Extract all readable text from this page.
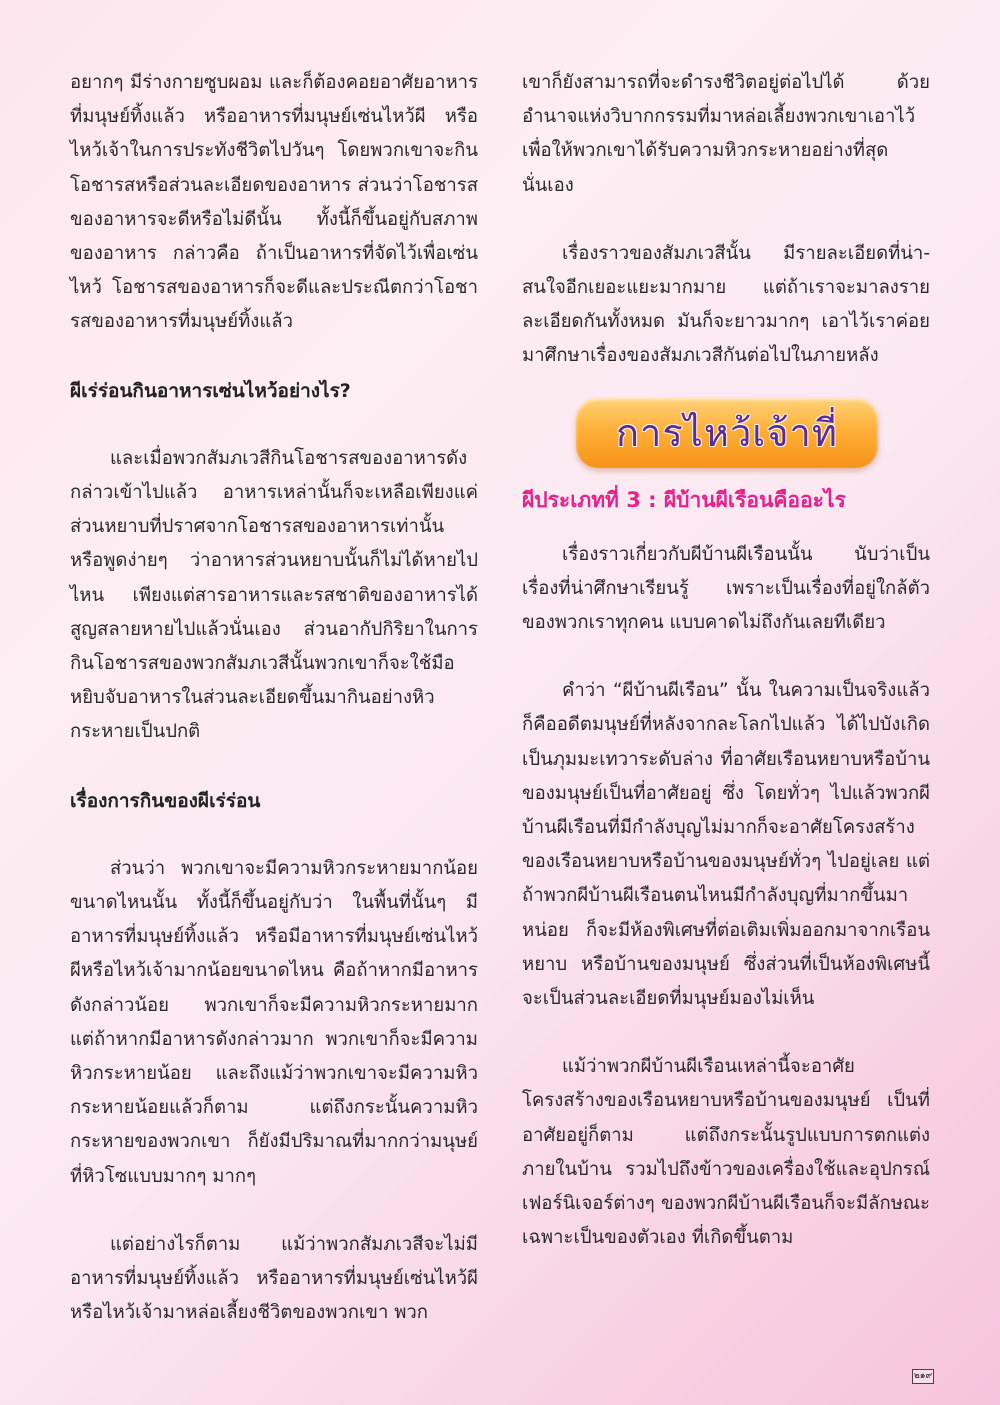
อยากๆ มีร่างกายซูบผอม และก็ต้องคอยอาศัยอาหารที่มนุษย์ทิ้งแล้ว หรืออาหารที่มนุษย์เซ่นไหว้ผี หรือไหว้เจ้าในการประทังชีวิตไปวันๆ โดยพวกเขาจะกินโอชารสหรือส่วนละเอียดของอาหาร ส่วนว่าโอชารสของอาหารจะดีหรือไม่ดีนั้น ทั้งนี้ก็ขึ้นอยู่กับสภาพของอาหาร กล่าวคือ ถ้าเป็นอาหารที่จัดไว้เพื่อเซ่นไหว้ โอชารสของอาหารก็จะดีและประณีตกว่าโอชารสของอาหารที่มนุษย์ทิ้งแล้ว

ผีเร่ร่อนกินอาหารเซ่นไหว้อย่างไร?

และเมื่อพวกสัมภเวสีกินโอชารสของอาหารดังกล่าวเข้าไปแล้ว อาหารเหล่านั้นก็จะเหลือเพียงแค่ส่วนหยาบที่ปราศจากโอชารสของอาหารเท่านั้น หรือพูดง่ายๆ ว่าอาหารส่วนหยาบนั้นก็ไม่ได้หายไปไหน เพียงแต่สารอาหารและรสชาติของอาหารได้สูญสลายหายไปแล้วนั่นเอง ส่วนอากัปกิริยาในการกินโอชารสของพวกสัมภเวสีนั้นพวกเขาก็จะใช้มือหยิบจับอาหารในส่วนละเอียดขึ้นมากินอย่างหิวกระหายเป็นปกติ

เรื่องการกินของผีเร่ร่อน

ส่วนว่า พวกเขาจะมีความหิวกระหายมากน้อยขนาดไหนนั้น ทั้งนี้ก็ขึ้นอยู่กับว่า ในพื้นที่นั้นๆ มีอาหารที่มนุษย์ทิ้งแล้ว หรือมีอาหารที่มนุษย์เซ่นไหว้ผีหรือไหว้เจ้ามากน้อยขนาดไหน คือถ้าหากมีอาหารดังกล่าวน้อย พวกเขาก็จะมีความหิวกระหายมาก แต่ถ้าหากมีอาหารดังกล่าวมาก พวกเขาก็จะมีความหิวกระหายน้อย และถึงแม้ว่าพวกเขาจะมีความหิวกระหายน้อยแล้วก็ตาม แต่ถึงกระนั้นความหิวกระหายของพวกเขา ก็ยังมีปริมาณที่มากกว่ามนุษย์ที่หิวโซแบบมากๆ มากๆ

แต่อย่างไรก็ตาม แม้ว่าพวกสัมภเวสีจะไม่มีอาหารที่มนุษย์ทิ้งแล้ว หรืออาหารที่มนุษย์เซ่นไหว้ผีหรือไหว้เจ้ามาหล่อเลี้ยงชีวิตของพวกเขา พวก

เขาก็ยังสามารถที่จะดำรงชีวิตอยู่ต่อไปได้ ด้วยอำนาจแห่งวิบากกรรมที่มาหล่อเลี้ยงพวกเขาเอาไว้ เพื่อให้พวกเขาได้รับความหิวกระหายอย่างที่สุดนั่นเอง

เรื่องราวของสัมภเวสีนั้น มีรายละเอียดที่น่า-สนใจอีกเยอะแยะมากมาย แต่ถ้าเราจะมาลงรายละเอียดกันทั้งหมด มันก็จะยาวมากๆ เอาไว้เราค่อยมาศึกษาเรื่องของสัมภเวสีกันต่อไปในภายหลัง

การไหว้เจ้าที่

ผีประเภทที่ 3 : ผีบ้านผีเรือนคืออะไร

เรื่องราวเกี่ยวกับผีบ้านผีเรือนนั้น นับว่าเป็นเรื่องที่น่าศึกษาเรียนรู้ เพราะเป็นเรื่องที่อยู่ใกล้ตัวของพวกเราทุกคน แบบคาดไม่ถึงกันเลยทีเดียว

คำว่า “ผีบ้านผีเรือน” นั้น ในความเป็นจริงแล้วก็คืออดีตมนุษย์ที่หลังจากละโลกไปแล้ว ได้ไปบังเกิดเป็นภุมมะเทวาระดับล่าง ที่อาศัยเรือนหยาบหรือบ้านของมนุษย์เป็นที่อาศัยอยู่ ซึ่ง โดยทั่วๆ ไปแล้วพวกผีบ้านผีเรือนที่มีกำลังบุญไม่มากก็จะอาศัยโครงสร้างของเรือนหยาบหรือบ้านของมนุษย์ทั่วๆ ไปอยู่เลย แต่ถ้าพวกผีบ้านผีเรือนตนไหนมีกำลังบุญที่มากขึ้นมาหน่อย ก็จะมีห้องพิเศษที่ต่อเติมเพิ่มออกมาจากเรือนหยาบ หรือบ้านของมนุษย์ ซึ่งส่วนที่เป็นห้องพิเศษนี้จะเป็นส่วนละเอียดที่มนุษย์มองไม่เห็น

แม้ว่าพวกผีบ้านผีเรือนเหล่านี้จะอาศัยโครงสร้างของเรือนหยาบหรือบ้านของมนุษย์ เป็นที่อาศัยอยู่ก็ตาม แต่ถึงกระนั้นรูปแบบการตกแต่งภายในบ้าน รวมไปถึงข้าวของเครื่องใช้และอุปกรณ์เฟอร์นิเจอร์ต่างๆ ของพวกผีบ้านผีเรือนก็จะมีลักษณะเฉพาะเป็นของตัวเอง ที่เกิดขึ้นตาม

๒๑๙
